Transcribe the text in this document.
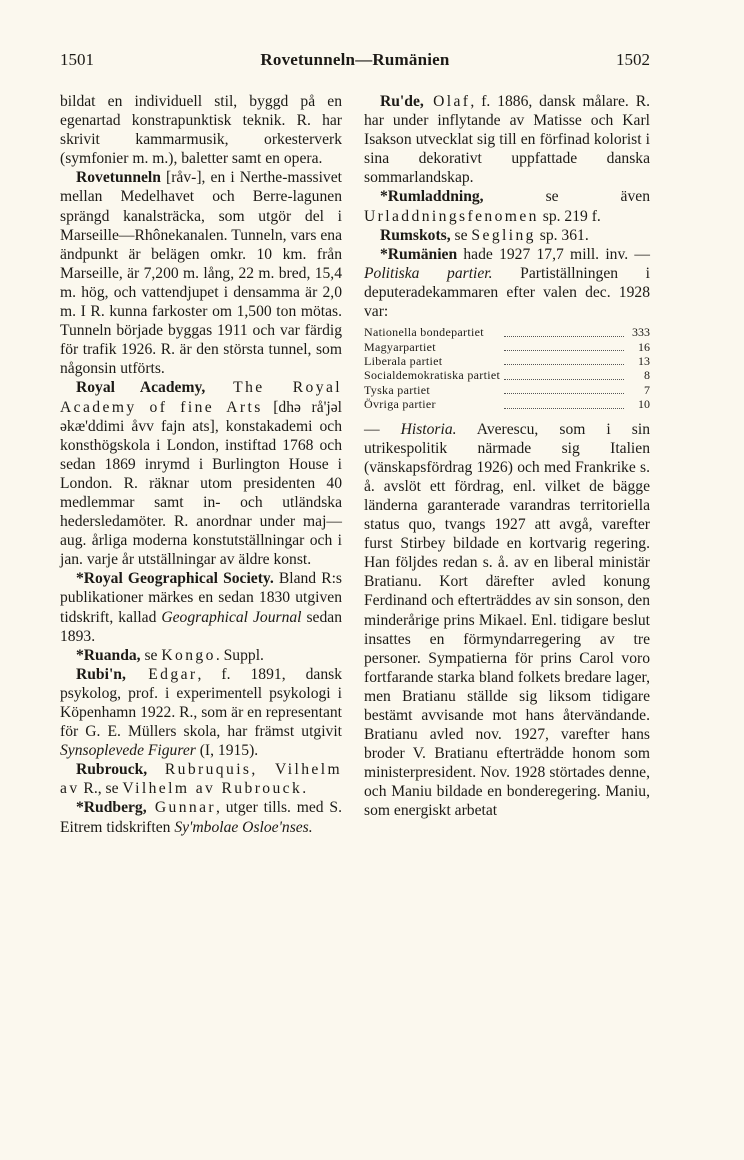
1501	Rovetunneln—Rumänien	1502

bildat en individuell stil, byggd på en egenartad konstrapunktisk teknik. R. har skrivit kammarmusik, orkesterverk (symfonier m. m.), baletter samt en opera.

Rovetunneln [råv-], en i Nerthe-massivet mellan Medelhavet och Berre-lagunen sprängd kanalsträcka, som utgör del i Marseille—Rhônekanalen. Tunneln, vars ena ändpunkt är belägen omkr. 10 km. från Marseille, är 7,200 m. lång, 22 m. bred, 15,4 m. hög, och vattendjupet i densamma är 2,0 m. I R. kunna farkoster om 1,500 ton mötas. Tunneln började byggas 1911 och var färdig för trafik 1926. R. är den största tunnel, som någonsin utförts.

Royal Academy, The Royal Academy of fine Arts [dhə rå'jəl əkæ'ddimi åvv fajn ats], konstakademi och konsthögskola i London, instiftad 1768 och sedan 1869 inrymd i Burlington House i London. R. räknar utom presidenten 40 medlemmar samt in- och utländska hedersledamöter. R. anordnar under maj—aug. årliga moderna konstutställningar och i jan. varje år utställningar av äldre konst.

*Royal Geographical Society. Bland R:s publikationer märkes en sedan 1830 utgiven tidskrift, kallad Geographical Journal sedan 1893.

*Ruanda, se Kongo. Suppl.

Rubi'n, Edgar, f. 1891, dansk psykolog, prof. i experimentell psykologi i Köpenhamn 1922. R., som är en representant för G. E. Müllers skola, har främst utgivit Synsoplevede Figurer (I, 1915).

Rubrouck, Rubruquis, Vilhelm av R., se Vilhelm av Rubrouck.

*Rudberg, Gunnar, utger tills. med S. Eitrem tidskriften Sy'mbolae Osloe'nses.

Ru'de, Olaf, f. 1886, dansk målare. R. har under inflytande av Matisse och Karl Isakson utvecklat sig till en förfinad kolorist i sina dekorativt uppfattade danska sommarlandskap.

*Rumladdning, se även Urladdningsfenomen sp. 219 f.

Rumskots, se Segling sp. 361.

*Rumänien hade 1927 17,7 mill. inv. — Politiska partier. Partiställningen i deputeradekammaren efter valen dec. 1928 var:

Nationella bondepartiet		333
Magyarpartiet		16
Liberala partiet		13
Socialdemokratiska partiet		8
Tyska partiet		7
Övriga partier		10

— Historia. Averescu, som i sin utrikespolitik närmade sig Italien (vänskapsfördrag 1926) och med Frankrike s. å. avslöt ett fördrag, enl. vilket de bägge länderna garanterade varandras territoriella status quo, tvangs 1927 att avgå, varefter furst Stirbey bildade en kortvarig regering. Han följdes redan s. å. av en liberal ministär Bratianu. Kort därefter avled konung Ferdinand och efterträddes av sin sonson, den minderårige prins Mikael. Enl. tidigare beslut insattes en förmyndarregering av tre personer. Sympatierna för prins Carol voro fortfarande starka bland folkets bredare lager, men Bratianu ställde sig liksom tidigare bestämt avvisande mot hans återvändande. Bratianu avled nov. 1927, varefter hans broder V. Bratianu efterträdde honom som ministerpresident. Nov. 1928 störtades denne, och Maniu bildade en bonderegering. Maniu, som energiskt arbetat
